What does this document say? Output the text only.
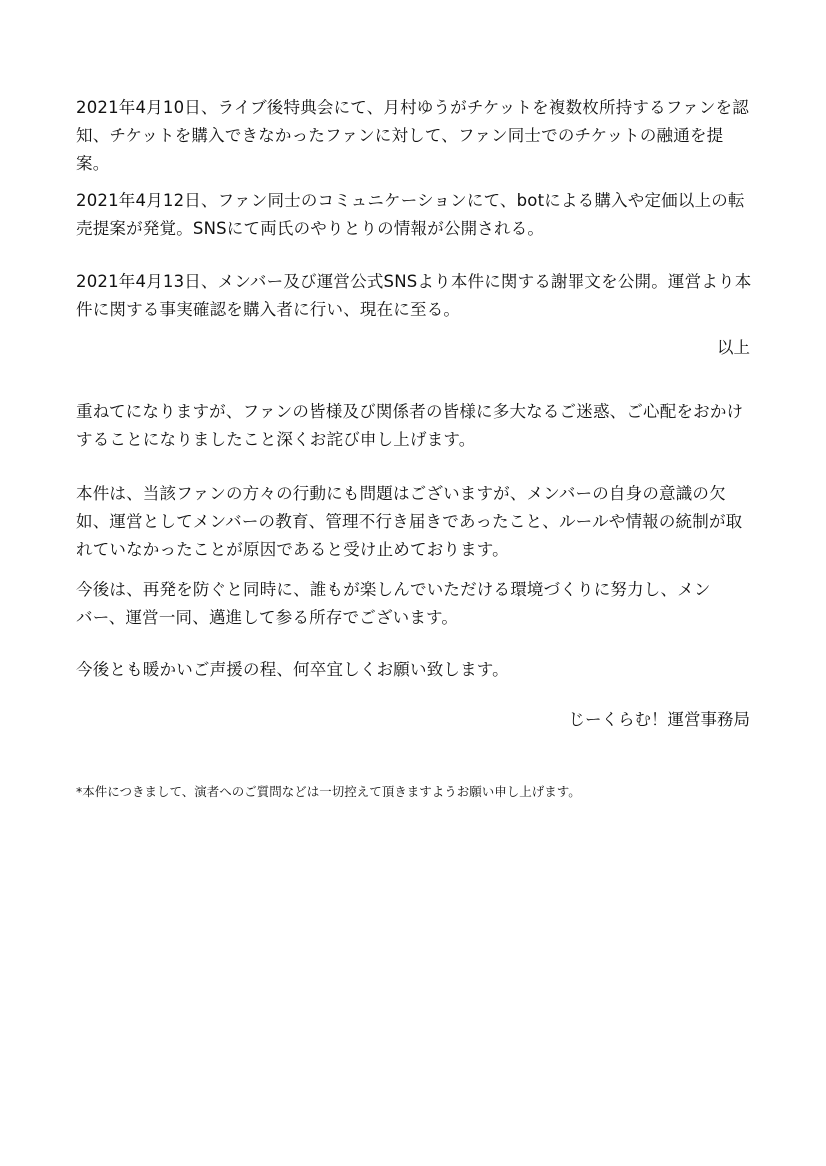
2021年4月10日、ライブ後特典会にて、月村ゆうがチケットを複数枚所持するファンを認
知、チケットを購入できなかったファンに対して、ファン同士でのチケットの融通を提
案。

2021年4月12日、ファン同士のコミュニケーションにて、botによる購入や定価以上の転
売提案が発覚。SNSにて両氏のやりとりの情報が公開される。

2021年4月13日、メンバー及び運営公式SNSより本件に関する謝罪文を公開。運営より本
件に関する事実確認を購入者に行い、現在に至る。

以上

重ねてになりますが、ファンの皆様及び関係者の皆様に多大なるご迷惑、ご心配をおかけ
することになりましたこと深くお詫び申し上げます。

本件は、当該ファンの方々の行動にも問題はございますが、メンバーの自身の意識の欠
如、運営としてメンバーの教育、管理不行き届きであったこと、ルールや情報の統制が取
れていなかったことが原因であると受け止めております。

今後は、再発を防ぐと同時に、誰もが楽しんでいただける環境づくりに努力し、メン
バー、運営一同、邁進して参る所存でございます。

今後とも暖かいご声援の程、何卒宜しくお願い致します。

じーくらむ！運営事務局

*本件につきまして、演者へのご質問などは一切控えて頂きますようお願い申し上げます。
